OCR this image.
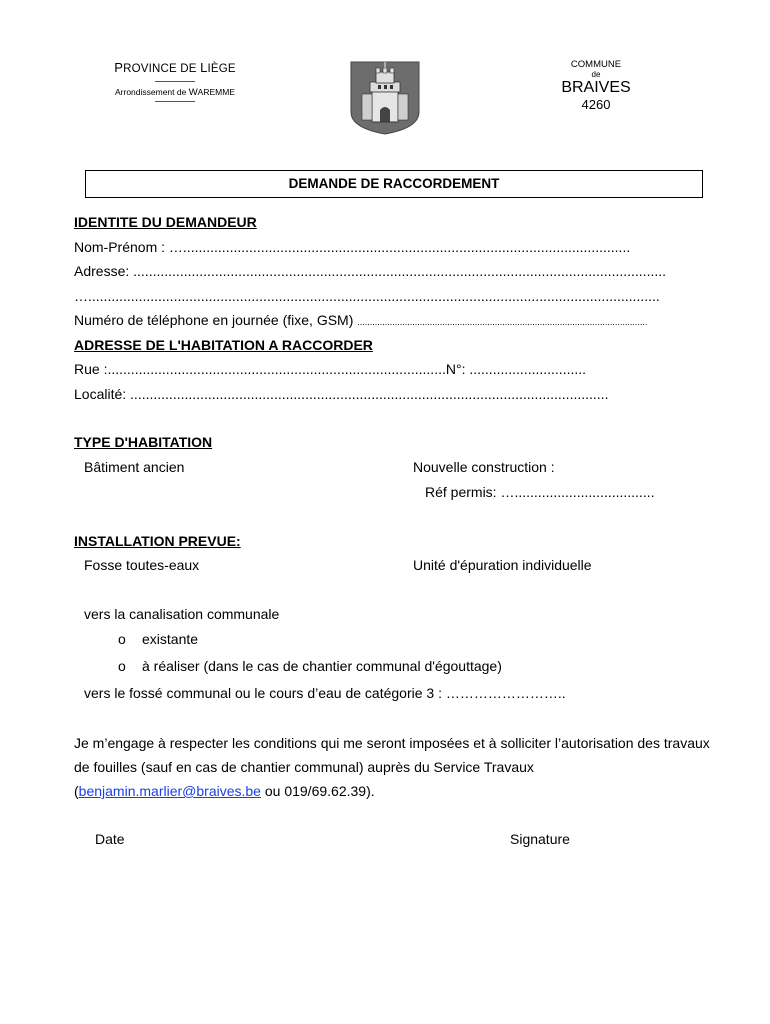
PROVINCE DE LIÈGE
Arrondissement de WAREMME
COMMUNE
de
BRAIVES
4260
DEMANDE DE RACCORDEMENT
IDENTITE DU DEMANDEUR
Nom-Prénom : …...................................................................................................................
Adresse: .........................................................................................................................................
…...................................................................................................................................................
Numéro de téléphone en journée (fixe, GSM) ....................................................................................................................
ADRESSE DE L'HABITATION A RACCORDER
Rue :.......................................................................................N°: ..............................
Localité: ...........................................................................................................................
TYPE D'HABITATION
Bâtiment ancien	Nouvelle construction :
Réf permis: …....................................
INSTALLATION PREVUE:
Fosse toutes-eaux	Unité d'épuration individuelle
vers la canalisation communale
o existante
o à réaliser (dans le cas de chantier communal d'égouttage)
vers le fossé communal ou le cours d’eau de catégorie 3 : ……………………..
Je m’engage à respecter les conditions qui me seront imposées et à solliciter l’autorisation des travaux de fouilles (sauf en cas de chantier communal) auprès du Service Travaux (benjamin.marlier@braives.be ou 019/69.62.39).
Date	Signature
